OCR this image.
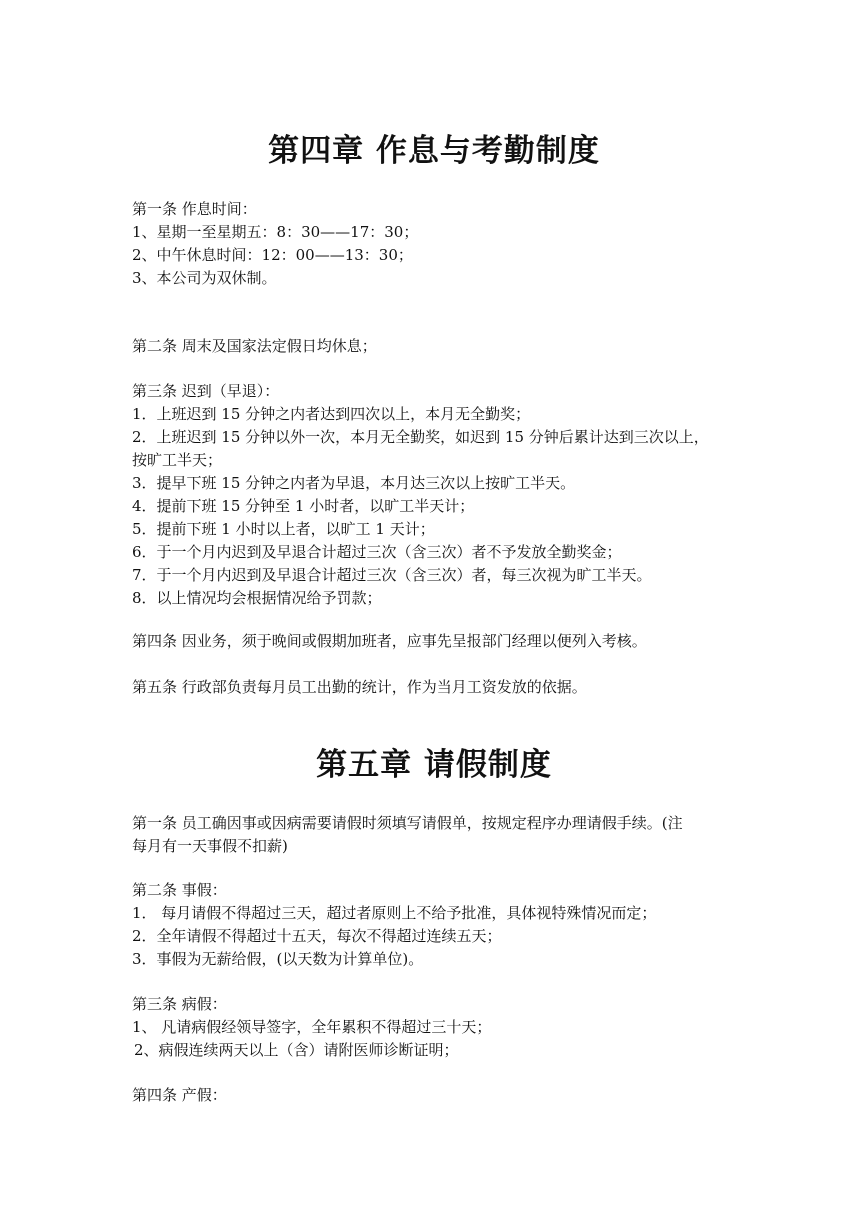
第四章 作息与考勤制度
第一条 作息时间：
1、星期一至星期五：8：30——17：30；
2、中午休息时间：12：00——13：30；
3、本公司为双休制。
第二条 周末及国家法定假日均休息；
第三条 迟到（早退）：
1．上班迟到 15 分钟之内者达到四次以上，本月无全勤奖；
2．上班迟到 15 分钟以外一次，本月无全勤奖，如迟到 15 分钟后累计达到三次以上，
按旷工半天；
3．提早下班 15 分钟之内者为早退，本月达三次以上按旷工半天。
4．提前下班 15 分钟至 1 小时者，以旷工半天计；
5．提前下班 1 小时以上者，以旷工 1 天计；
6．于一个月内迟到及早退合计超过三次（含三次）者不予发放全勤奖金；
7．于一个月内迟到及早退合计超过三次（含三次）者，每三次视为旷工半天。
8．以上情况均会根据情况给予罚款；
第四条 因业务，须于晚间或假期加班者，应事先呈报部门经理以便列入考核。
第五条 行政部负责每月员工出勤的统计，作为当月工资发放的依据。
第五章 请假制度
第一条 员工确因事或因病需要请假时须填写请假单，按规定程序办理请假手续。(注
每月有一天事假不扣薪)
第二条 事假：
1． 每月请假不得超过三天，超过者原则上不给予批准，具体视特殊情况而定；
2．全年请假不得超过十五天，每次不得超过连续五天；
3．事假为无薪给假，(以天数为计算单位)。
第三条 病假：
1、 凡请病假经领导签字，全年累积不得超过三十天；
2、病假连续两天以上（含）请附医师诊断证明；
第四条 产假：
